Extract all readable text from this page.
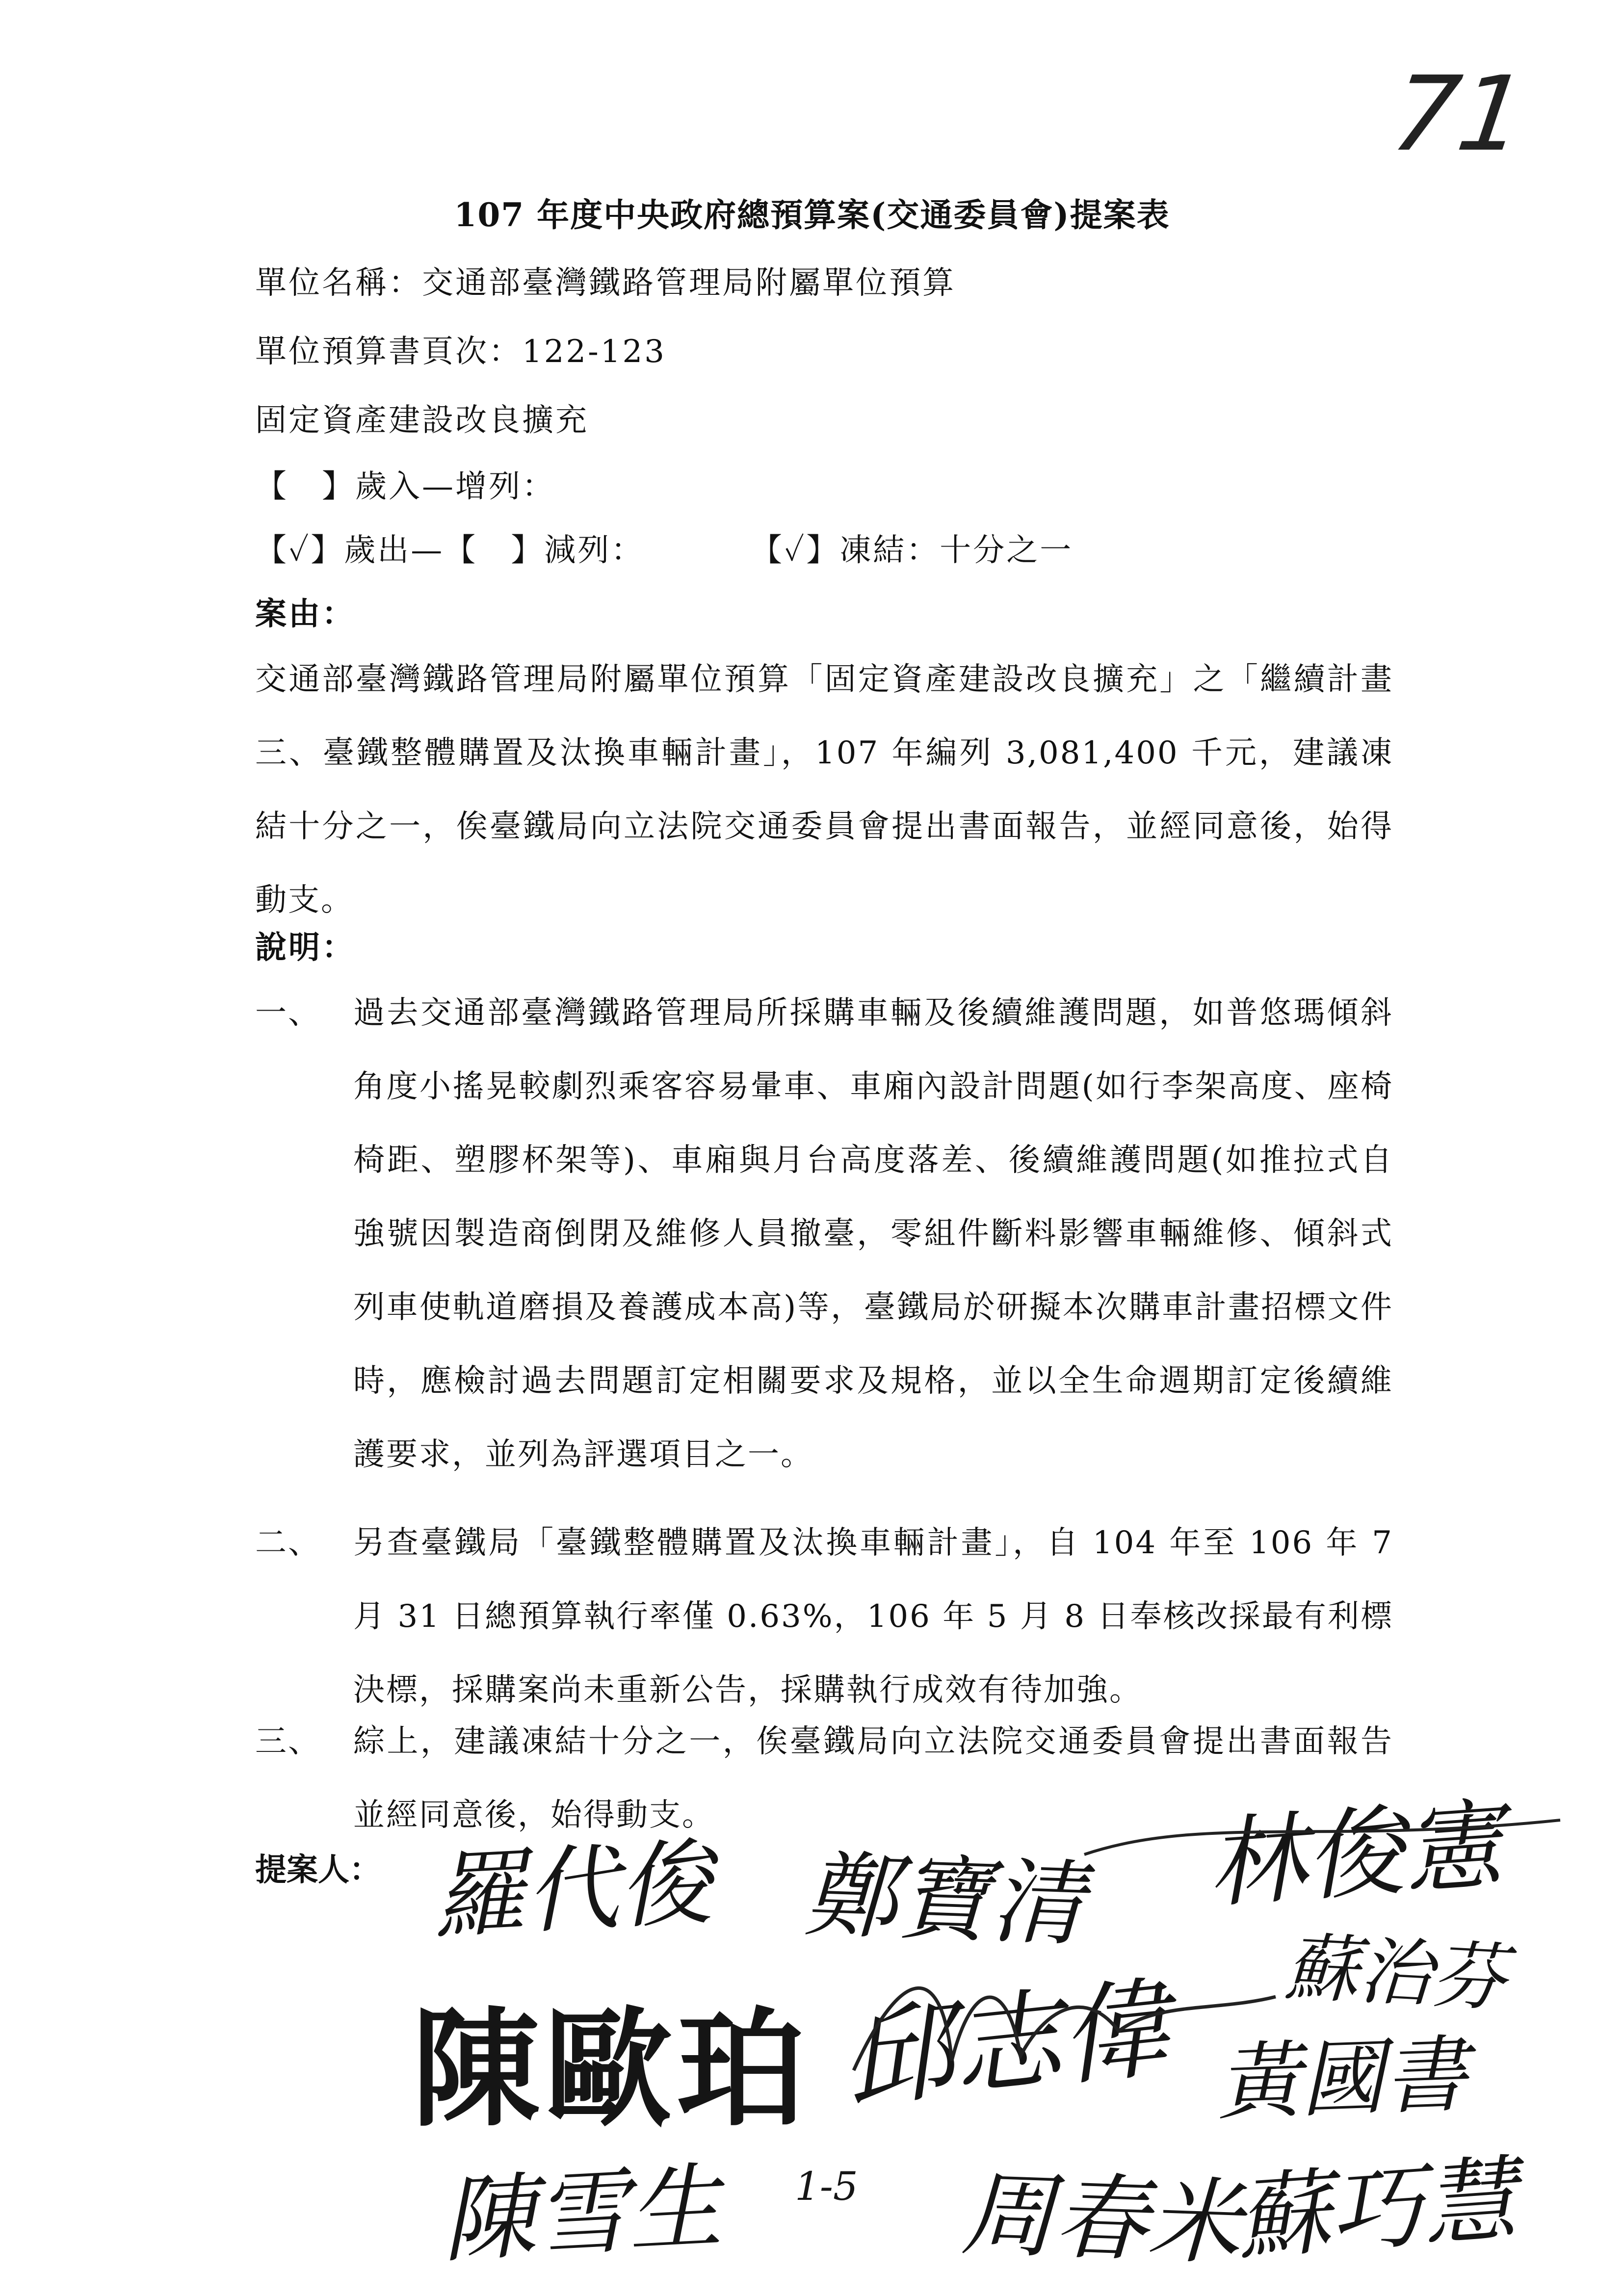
71
107 年度中央政府總預算案(交通委員會)提案表
單位名稱：交通部臺灣鐵路管理局附屬單位預算
單位預算書頁次：122-123
固定資產建設改良擴充
【　】歲入—增列：
【✓】歲出—【　】減列：	【✓】凍結：十分之一
案由：
交通部臺灣鐵路管理局附屬單位預算「固定資產建設改良擴充」之「繼續計畫三、臺鐵整體購置及汰換車輛計畫」，107 年編列 3,081,400 千元，建議凍結十分之一，俟臺鐵局向立法院交通委員會提出書面報告，並經同意後，始得動支。
說明：
一、 過去交通部臺灣鐵路管理局所採購車輛及後續維護問題，如普悠瑪傾斜角度小搖晃較劇烈乘客容易暈車、車廂內設計問題(如行李架高度、座椅椅距、塑膠杯架等)、車廂與月台高度落差、後續維護問題(如推拉式自強號因製造商倒閉及維修人員撤臺，零組件斷料影響車輛維修、傾斜式列車使軌道磨損及養護成本高)等，臺鐵局於研擬本次購車計畫招標文件時，應檢討過去問題訂定相關要求及規格，並以全生命週期訂定後續維護要求，並列為評選項目之一。
二、 另查臺鐵局「臺鐵整體購置及汰換車輛計畫」，自 104 年至 106 年 7 月 31 日總預算執行率僅 0.63%，106 年 5 月 8 日奉核改採最有利標決標，採購案尚未重新公告，採購執行成效有待加強。
三、 綜上，建議凍結十分之一，俟臺鐵局向立法院交通委員會提出書面報告並經同意後，始得動支。
提案人： 羅代俊 鄭寶清 林俊憲
陳歐珀 邱志偉 蘇治芬
黃國書
陳雪生 1-5 周春米
蘇巧慧
